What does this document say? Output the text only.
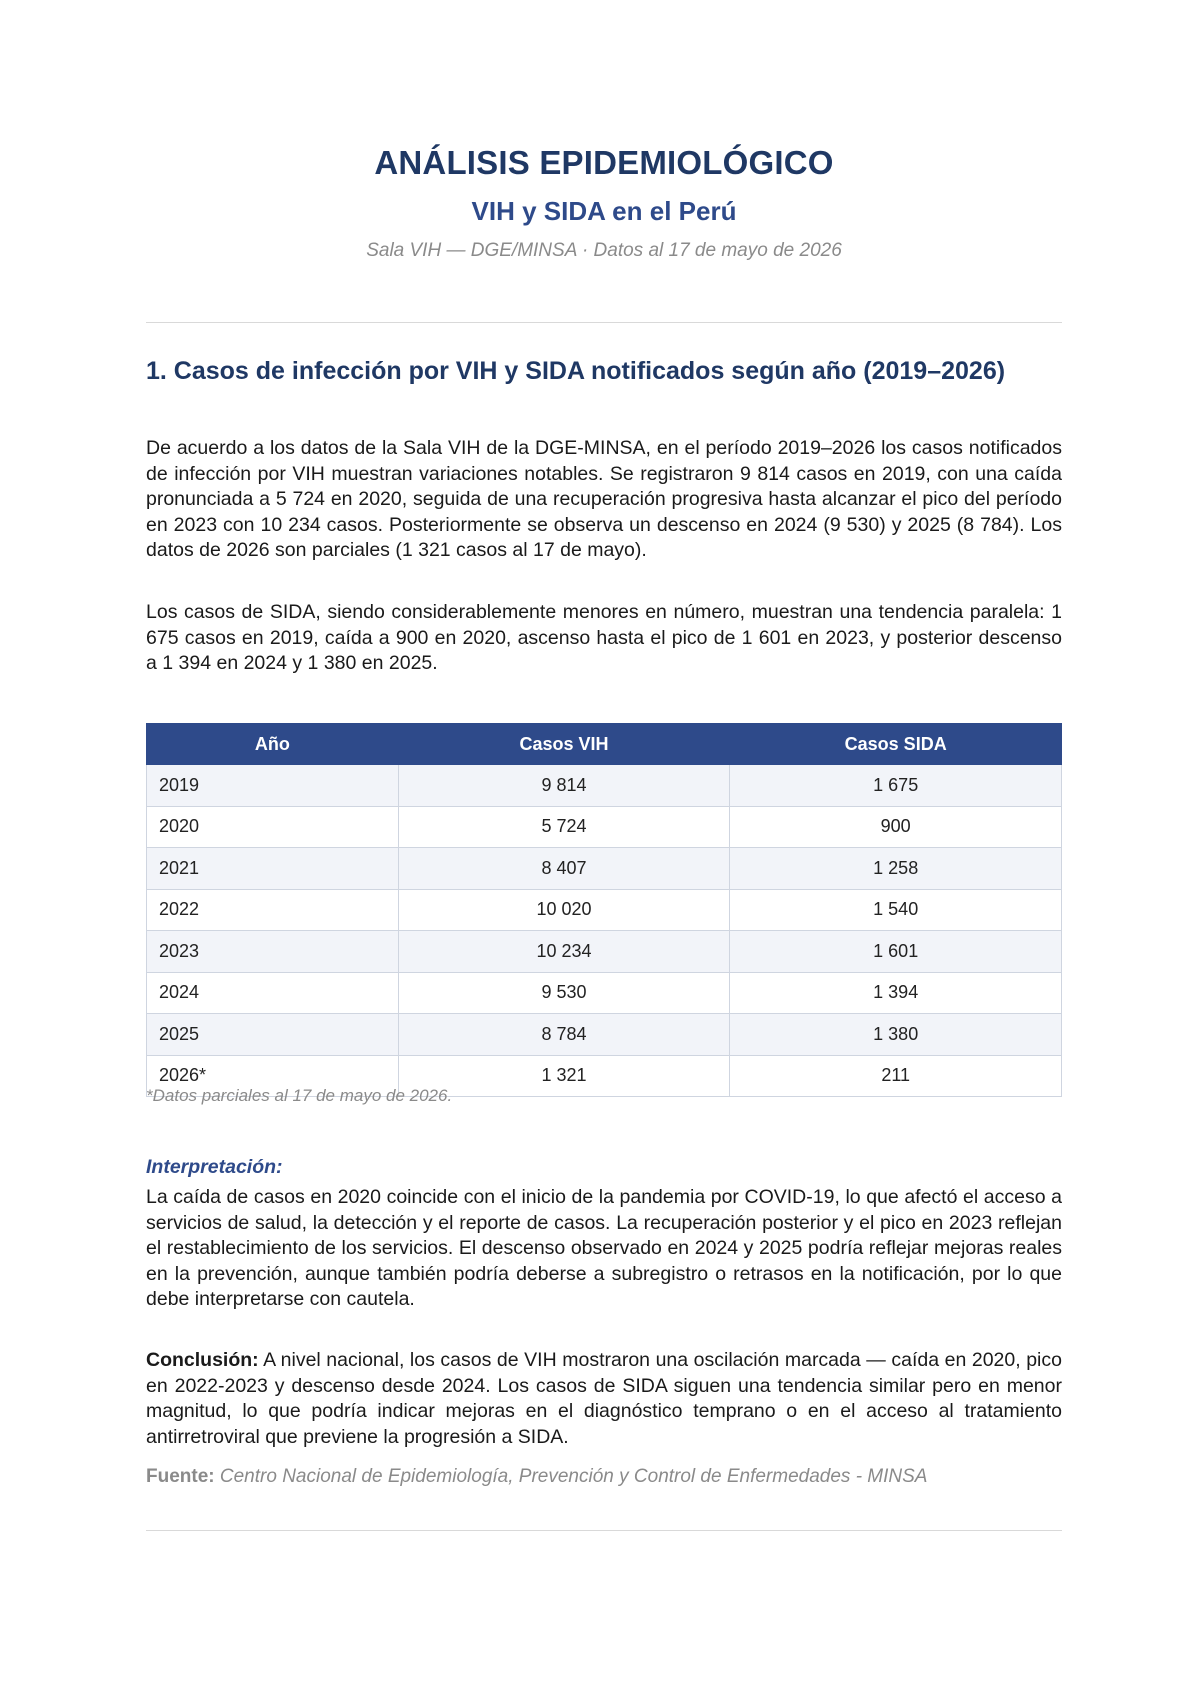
ANÁLISIS EPIDEMIOLÓGICO
VIH y SIDA en el Perú
Sala VIH — DGE/MINSA · Datos al 17 de mayo de 2026
1. Casos de infección por VIH y SIDA notificados según año (2019–2026)

De acuerdo a los datos de la Sala VIH de la DGE-MINSA, en el período 2019–2026 los casos notificados de infección por VIH muestran variaciones notables. Se registraron 9 814 casos en 2019, con una caída pronunciada a 5 724 en 2020, seguida de una recuperación progresiva hasta alcanzar el pico del período en 2023 con 10 234 casos. Posteriormente se observa un descenso en 2024 (9 530) y 2025 (8 784). Los datos de 2026 son parciales (1 321 casos al 17 de mayo).

Los casos de SIDA, siendo considerablemente menores en número, muestran una tendencia paralela: 1 675 casos en 2019, caída a 900 en 2020, ascenso hasta el pico de 1 601 en 2023, y posterior descenso a 1 394 en 2024 y 1 380 en 2025.

Año	Casos VIH	Casos SIDA
2019	9 814	1 675
2020	5 724	900
2021	8 407	1 258
2022	10 020	1 540
2023	10 234	1 601
2024	9 530	1 394
2025	8 784	1 380
2026*	1 321	211
*Datos parciales al 17 de mayo de 2026.
Interpretación:

La caída de casos en 2020 coincide con el inicio de la pandemia por COVID-19, lo que afectó el acceso a servicios de salud, la detección y el reporte de casos. La recuperación posterior y el pico en 2023 reflejan el restablecimiento de los servicios. El descenso observado en 2024 y 2025 podría reflejar mejoras reales en la prevención, aunque también podría deberse a subregistro o retrasos en la notificación, por lo que debe interpretarse con cautela.

Conclusión: A nivel nacional, los casos de VIH mostraron una oscilación marcada — caída en 2020, pico en 2022-2023 y descenso desde 2024. Los casos de SIDA siguen una tendencia similar pero en menor magnitud, lo que podría indicar mejoras en el diagnóstico temprano o en el acceso al tratamiento antirretroviral que previene la progresión a SIDA.

Fuente: Centro Nacional de Epidemiología, Prevención y Control de Enfermedades - MINSA
